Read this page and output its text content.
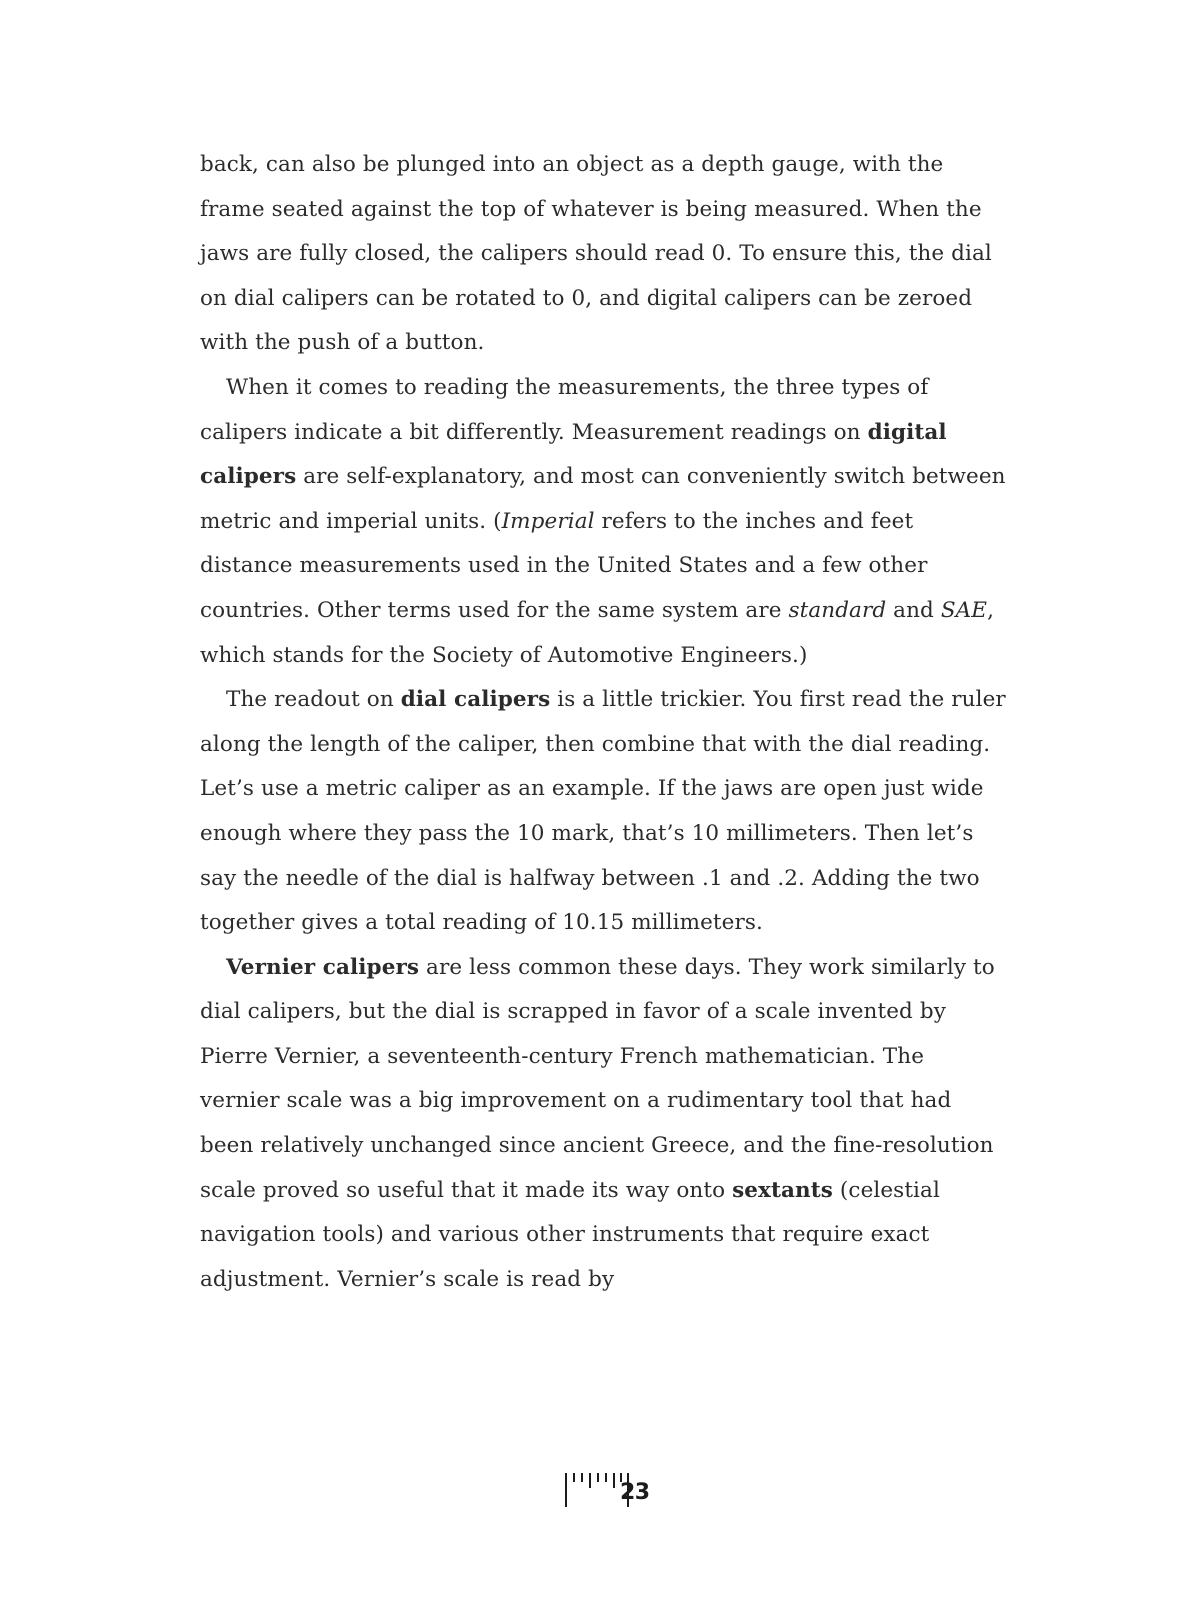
back, can also be plunged into an object as a depth gauge, with the frame seated against the top of whatever is being measured. When the jaws are fully closed, the calipers should read 0. To ensure this, the dial on dial calipers can be rotated to 0, and digital calipers can be zeroed with the push of a button.

When it comes to reading the measurements, the three types of calipers indicate a bit differently. Measurement readings on digital calipers are self-explanatory, and most can conveniently switch between metric and imperial units. (Imperial refers to the inches and feet distance measurements used in the United States and a few other countries. Other terms used for the same system are standard and SAE, which stands for the Society of Automotive Engineers.)

The readout on dial calipers is a little trickier. You first read the ruler along the length of the caliper, then combine that with the dial reading. Let’s use a metric caliper as an example. If the jaws are open just wide enough where they pass the 10 mark, that’s 10 millimeters. Then let’s say the needle of the dial is halfway between .1 and .2. Adding the two together gives a total reading of 10.15 millimeters.

Vernier calipers are less common these days. They work similarly to dial calipers, but the dial is scrapped in favor of a scale invented by Pierre Vernier, a seventeenth-century French mathematician. The vernier scale was a big improvement on a rudimentary tool that had been relatively unchanged since ancient Greece, and the fine-resolution scale proved so useful that it made its way onto sextants (celestial navigation tools) and various other instruments that require exact adjustment. Vernier’s scale is read by

23
